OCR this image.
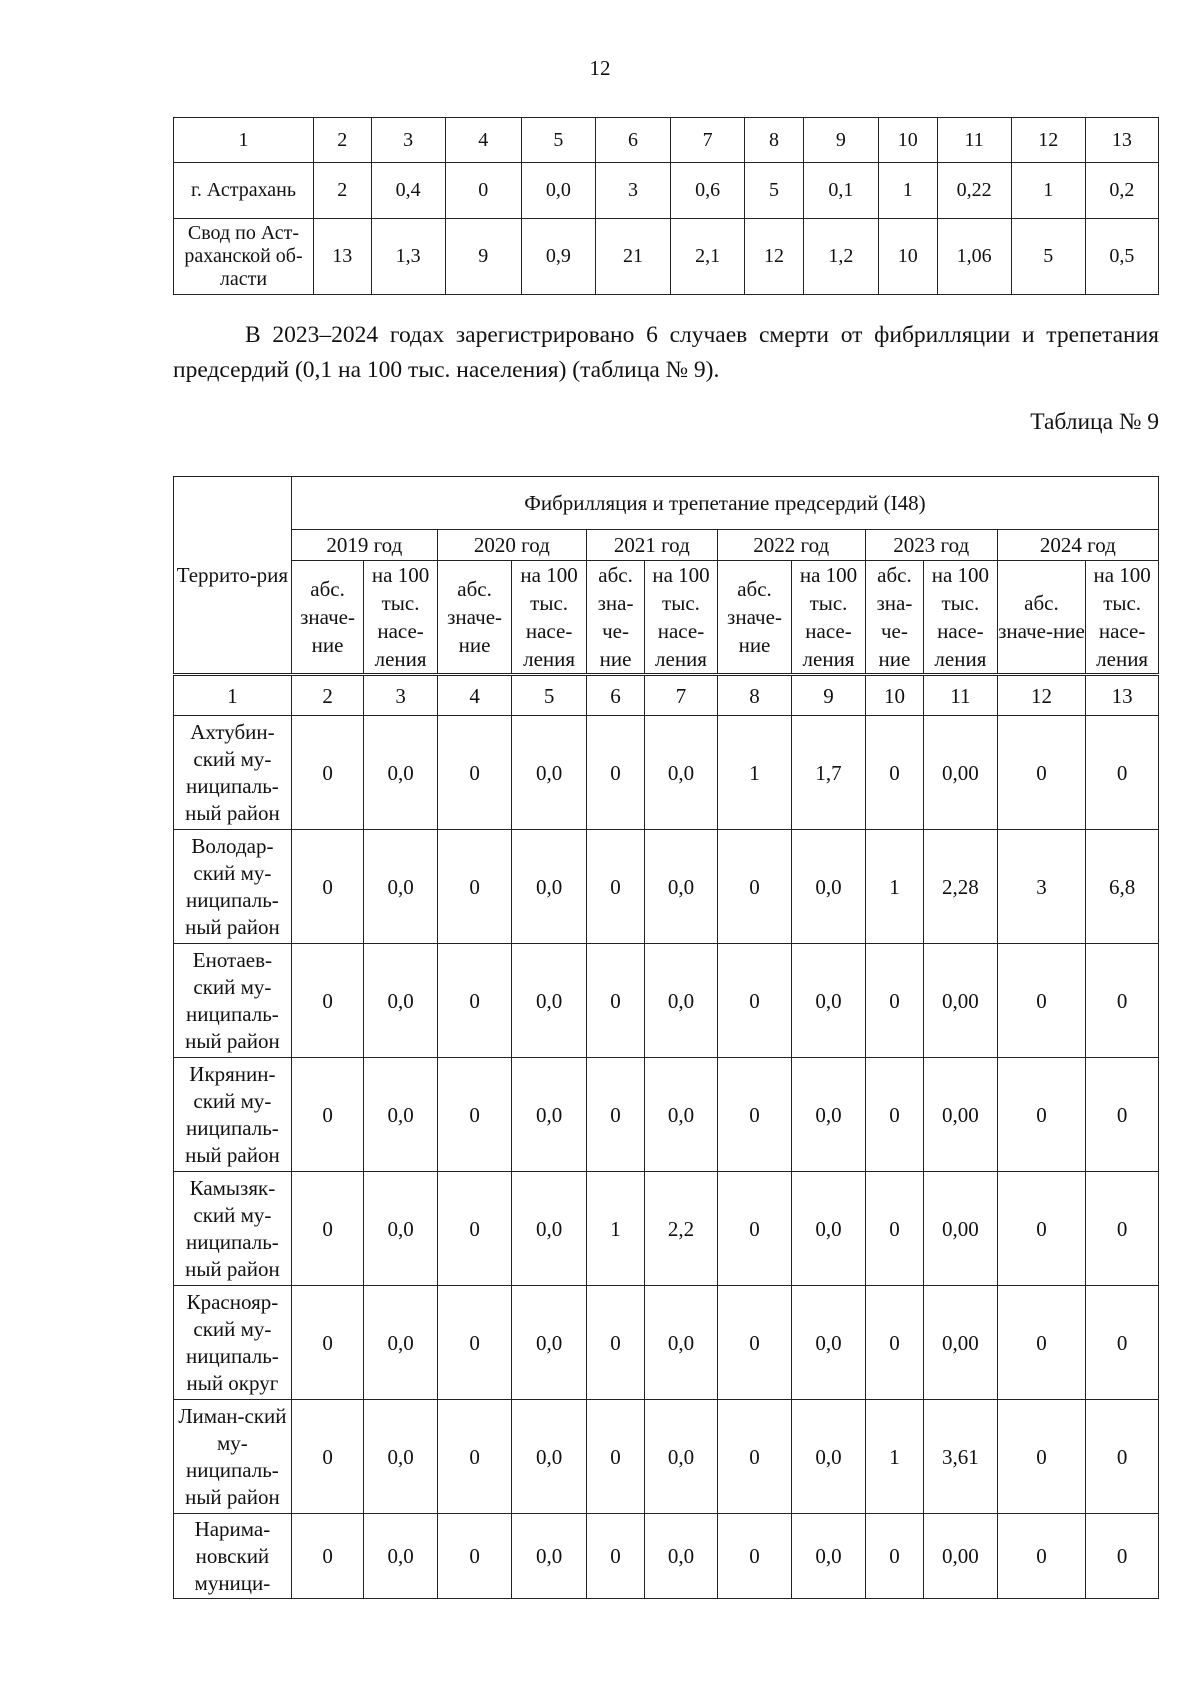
12
1	2	3	4	5	6	7	8	9	10	11	12	13
г. Астрахань	2	0,4	0	0,0	3	0,6	5	0,1	1	0,22	1	0,2
Свод по Аст-раханской об-ласти	13	1,3	9	0,9	21	2,1	12	1,2	10	1,06	5	0,5
В 2023–2024 годах зарегистрировано 6 случаев смерти от фибрилляции и трепетания предсердий (0,1 на 100 тыс. населения) (таблица № 9).
Таблица № 9
Террито-рия	Фибрилляция и трепетание предсердий (I48)											
	2019 год		2020 год		2021 год		2022 год		2023 год		2024 год	
	абс. значе-ние	на 100 тыс. насе-ления	абс. значе-ние	на 100 тыс. насе-ления	абс. зна-че-ние	на 100 тыс. насе-ления	абс. значе-ние	на 100 тыс. насе-ления	абс. зна-че-ние	на 100 тыс. насе-ления	абс. значе-ние	на 100 тыс. насе-ления
1	2	3	4	5	6	7	8	9	10	11	12	13
Ахтубин-ский му-ниципаль-ный район	0	0,0	0	0,0	0	0,0	1	1,7	0	0,00	0	0
Володар-ский му-ниципаль-ный район	0	0,0	0	0,0	0	0,0	0	0,0	1	2,28	3	6,8
Енотаев-ский му-ниципаль-ный район	0	0,0	0	0,0	0	0,0	0	0,0	0	0,00	0	0
Икрянин-ский му-ниципаль-ный район	0	0,0	0	0,0	0	0,0	0	0,0	0	0,00	0	0
Камызяк-ский му-ниципаль-ный район	0	0,0	0	0,0	1	2,2	0	0,0	0	0,00	0	0
Краснояр-ский му-ниципаль-ный округ	0	0,0	0	0,0	0	0,0	0	0,0	0	0,00	0	0
Лиман-ский му-ниципаль-ный район	0	0,0	0	0,0	0	0,0	0	0,0	1	3,61	0	0
Нарима-новский муници-	0	0,0	0	0,0	0	0,0	0	0,0	0	0,00	0	0
